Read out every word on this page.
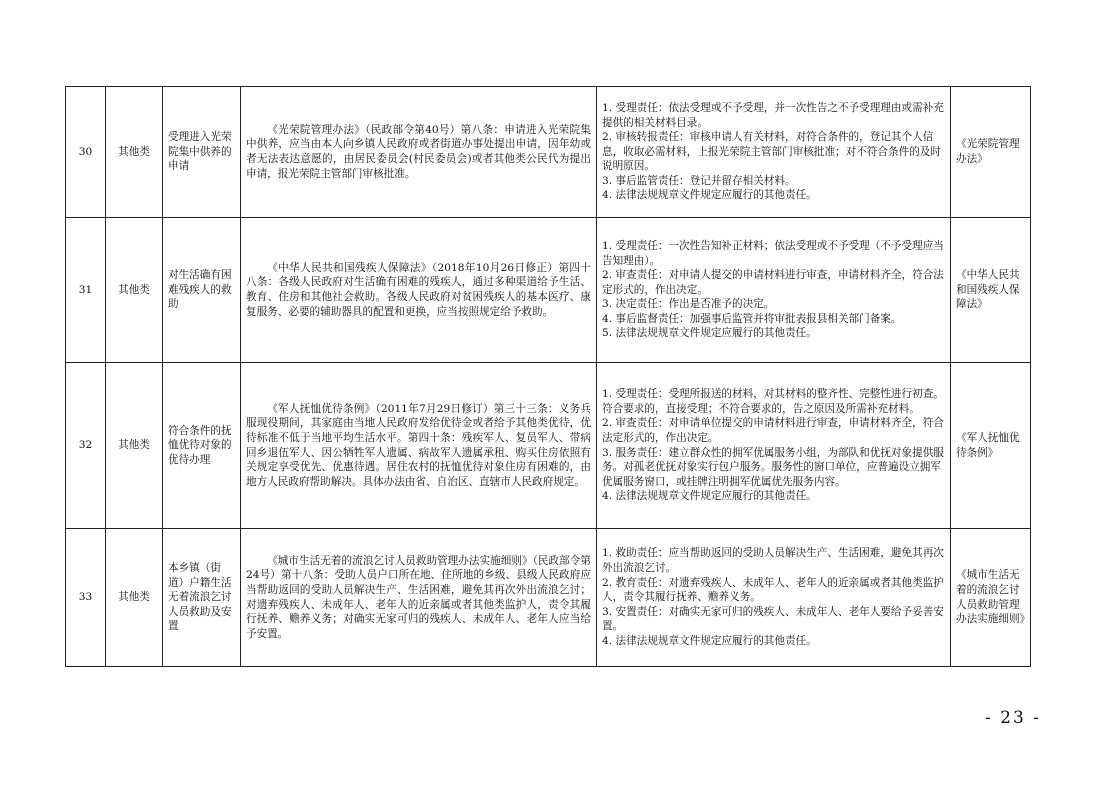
30	其他类	受理进入光荣院集中供养的申请	《光荣院管理办法》（民政部令第40号）第八条：申请进入光荣院集中供养，应当由本人向乡镇人民政府或者街道办事处提出申请，因年幼或者无法表达意愿的，由居民委员会(村民委员会)或者其他类公民代为提出申请，报光荣院主管部门审核批准。	1. 受理责任：依法受理或不予受理，并一次性告之不予受理理由或需补充提供的相关材料目录。
2. 审核转报责任：审核申请人有关材料，对符合条件的，登记其个人信息，收取必需材料，上报光荣院主管部门审核批准；对不符合条件的及时说明原因。
3. 事后监管责任：登记并留存相关材料。
4. 法律法规规章文件规定应履行的其他责任。	《光荣院管理办法》
31	其他类	对生活确有困难残疾人的救助	《中华人民共和国残疾人保障法》（2018年10月26日修正）第四十八条：各级人民政府对生活确有困难的残疾人，通过多种渠道给予生活、教育、住房和其他社会救助。各级人民政府对贫困残疾人的基本医疗、康复服务、必要的辅助器具的配置和更换，应当按照规定给予救助。	1. 受理责任：一次性告知补正材料；依法受理或不予受理（不予受理应当告知理由）。
2. 审查责任：对申请人提交的申请材料进行审查，申请材料齐全，符合法定形式的，作出决定。
3. 决定责任：作出是否准予的决定。
4. 事后监督责任：加强事后监管并将审批表报县相关部门备案。
5. 法律法规规章文件规定应履行的其他责任。	《中华人民共和国残疾人保障法》
32	其他类	符合条件的抚恤优待对象的优待办理	《军人抚恤优待条例》（2011年7月29日修订）第三十三条：义务兵服现役期间，其家庭由当地人民政府发给优待金或者给予其他类优待，优待标准不低于当地平均生活水平。第四十条：残疾军人、复员军人、带病回乡退伍军人、因公牺牲军人遗属、病故军人遗属承租、购买住房依照有关规定享受优先、优惠待遇。居住农村的抚恤优待对象住房有困难的，由地方人民政府帮助解决。具体办法由省、自治区、直辖市人民政府规定。	1. 受理责任：受理所报送的材料，对其材料的整齐性、完整性进行初查。符合要求的，直接受理；不符合要求的，告之原因及所需补充材料。
2. 审查责任：对申请单位提交的申请材料进行审查，申请材料齐全，符合法定形式的，作出决定。
3. 服务责任：建立群众性的拥军优属服务小组，为部队和优抚对象提供服务。对孤老优抚对象实行包户服务。服务性的窗口单位，应普遍设立拥军优属服务窗口，或挂牌注明拥军优属优先服务内容。
4. 法律法规规章文件规定应履行的其他责任。	《军人抚恤优待条例》
33	其他类	本乡镇（街道）户籍生活无着流浪乞讨人员救助及安置	《城市生活无着的流浪乞讨人员救助管理办法实施细则》（民政部令第24号）第十八条：受助人员户口所在地、住所地的乡级、县级人民政府应当帮助返回的受助人员解决生产、生活困难，避免其再次外出流浪乞讨；对遗弃残疾人、未成年人、老年人的近亲属或者其他类监护人，责令其履行抚养、赡养义务；对确实无家可归的残疾人、未成年人、老年人应当给予安置。	1. 救助责任：应当帮助返回的受助人员解决生产、生活困难，避免其再次外出流浪乞讨。
2. 教育责任：对遗弃残疾人、未成年人、老年人的近亲属或者其他类监护人，责令其履行抚养、赡养义务。
3. 安置责任：对确实无家可归的残疾人、未成年人、老年人要给予妥善安置。
4. 法律法规规章文件规定应履行的其他责任。	《城市生活无着的流浪乞讨人员救助管理办法实施细则》
- 23 -
